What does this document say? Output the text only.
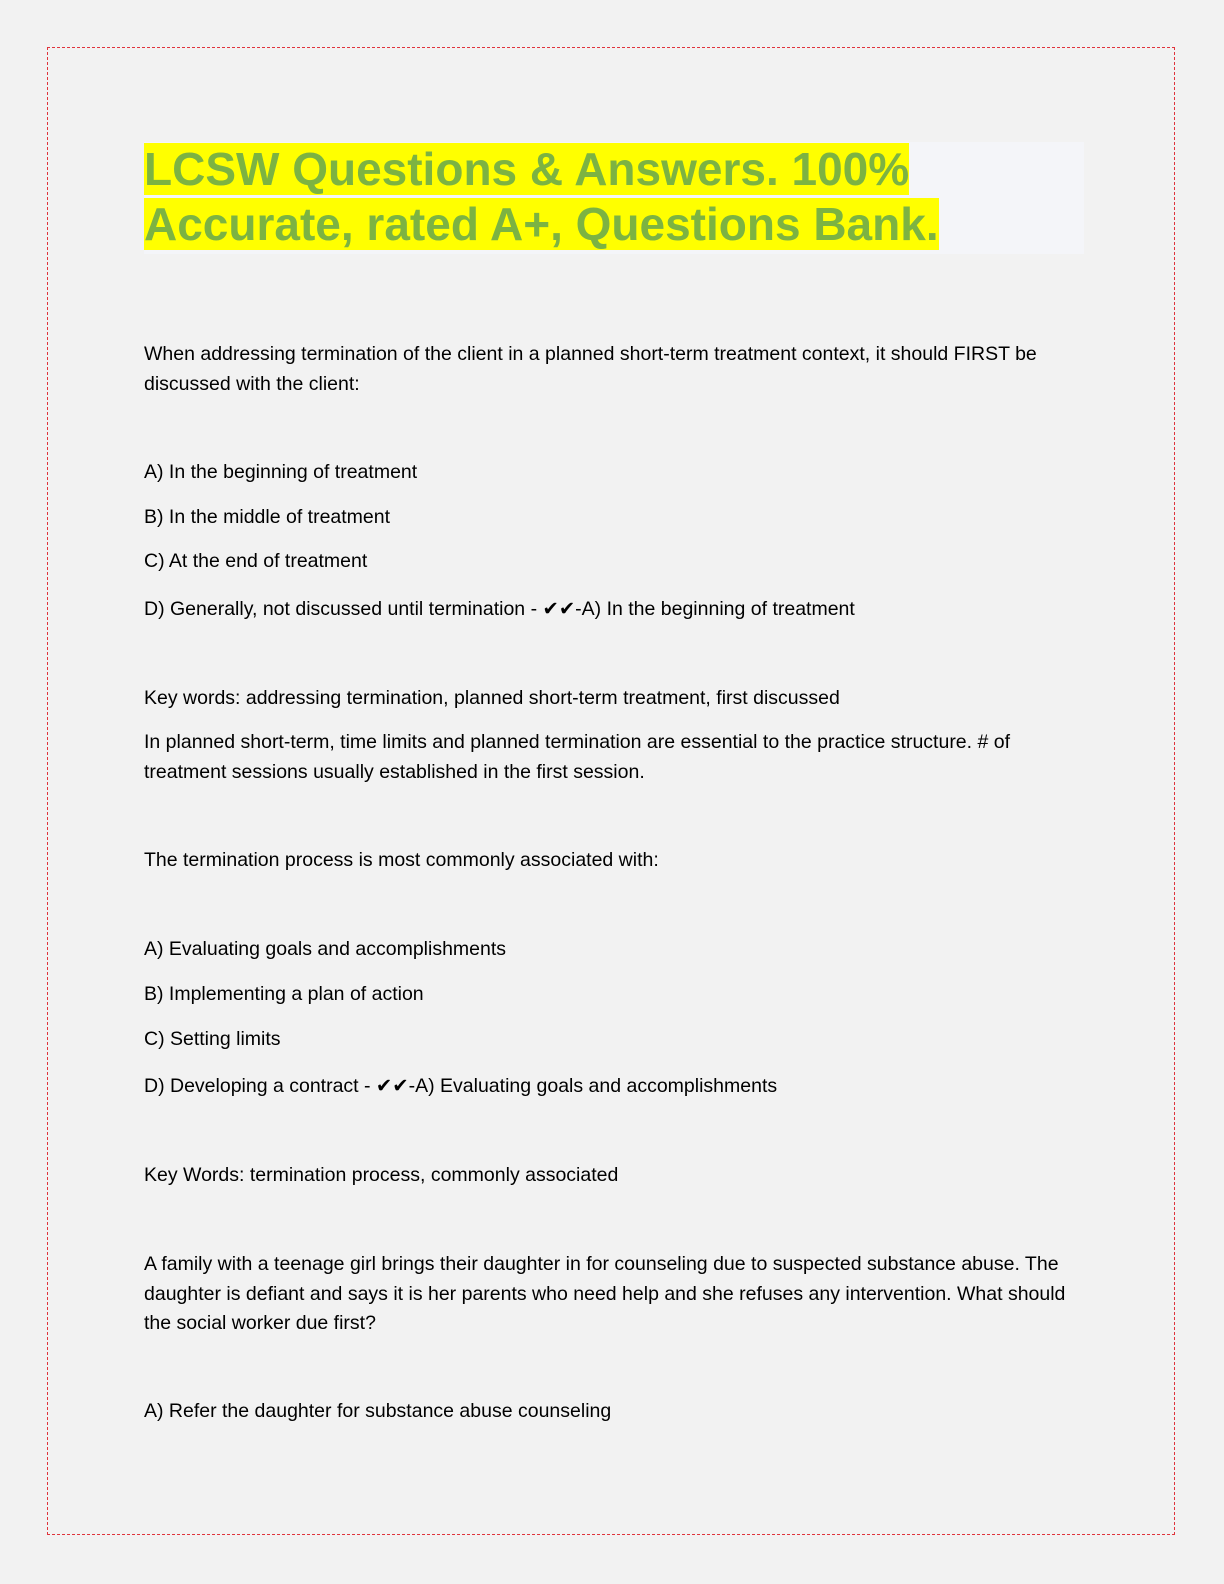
LCSW Questions & Answers. 100%
Accurate, rated A+, Questions Bank.

When addressing termination of the client in a planned short-term treatment context, it should FIRST be discussed with the client:

A) In the beginning of treatment

B) In the middle of treatment

C) At the end of treatment

D) Generally, not discussed until termination - ✔✔-A) In the beginning of treatment

Key words: addressing termination, planned short-term treatment, first discussed

In planned short-term, time limits and planned termination are essential to the practice structure. # of treatment sessions usually established in the first session.

The termination process is most commonly associated with:

A) Evaluating goals and accomplishments

B) Implementing a plan of action

C) Setting limits

D) Developing a contract - ✔✔-A) Evaluating goals and accomplishments

Key Words: termination process, commonly associated

A family with a teenage girl brings their daughter in for counseling due to suspected substance abuse. The daughter is defiant and says it is her parents who need help and she refuses any intervention. What should the social worker due first?

A) Refer the daughter for substance abuse counseling
